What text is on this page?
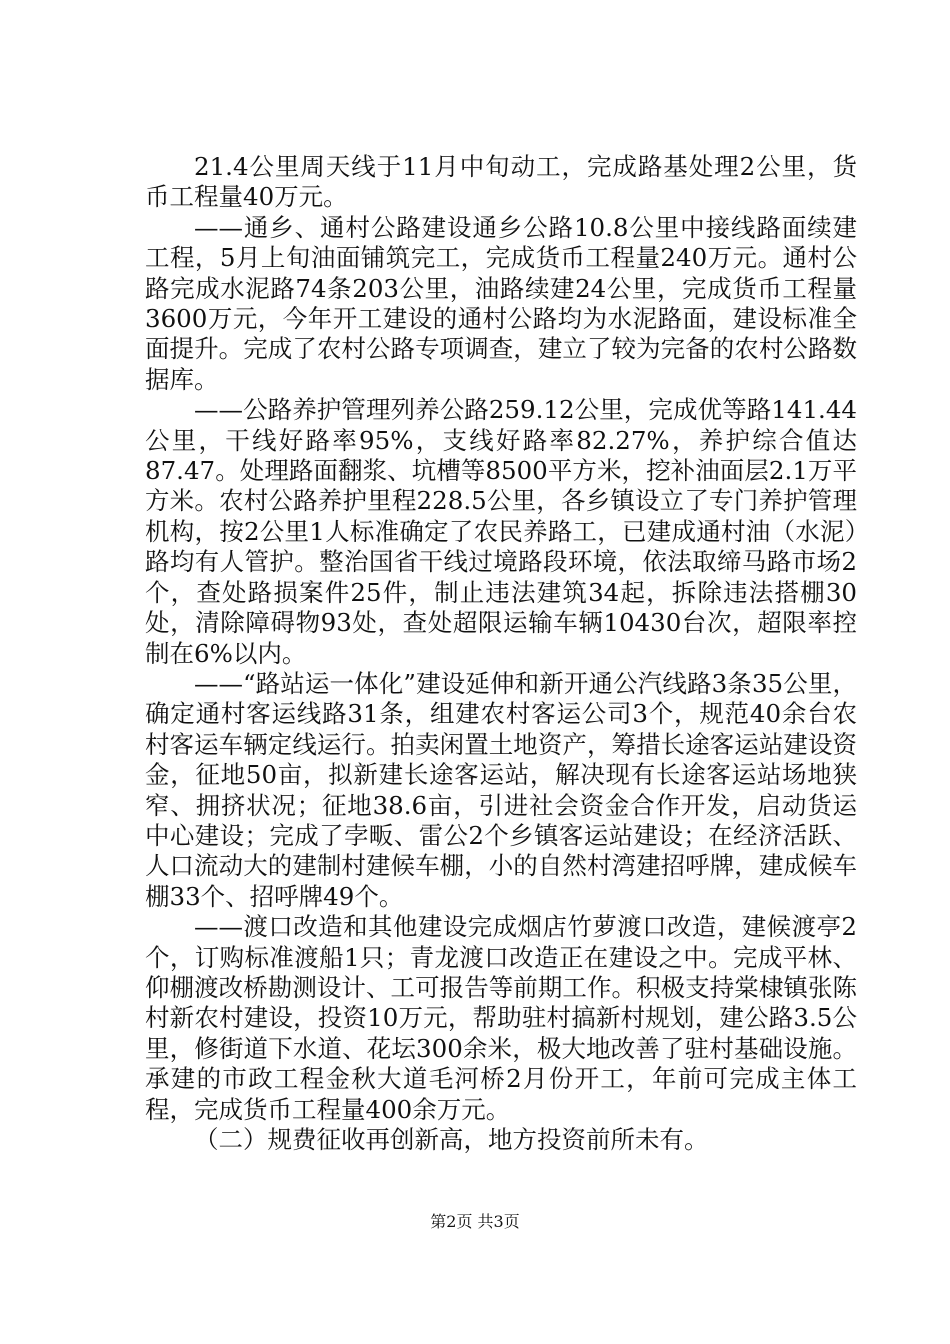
21.4公里周天线于11月中旬动工，完成路基处理2公里，货币工程量40万元。

——通乡、通村公路建设通乡公路10.8公里中接线路面续建工程，5月上旬油面铺筑完工，完成货币工程量240万元。通村公路完成水泥路74条203公里，油路续建24公里，完成货币工程量3600万元，今年开工建设的通村公路均为水泥路面，建设标准全面提升。完成了农村公路专项调查，建立了较为完备的农村公路数据库。

——公路养护管理列养公路259.12公里，完成优等路141.44公里，干线好路率95%，支线好路率82.27%，养护综合值达87.47。处理路面翻浆、坑槽等8500平方米，挖补油面层2.1万平方米。农村公路养护里程228.5公里，各乡镇设立了专门养护管理机构，按2公里1人标准确定了农民养路工，已建成通村油（水泥）路均有人管护。整治国省干线过境路段环境，依法取缔马路市场2个，查处路损案件25件，制止违法建筑34起，拆除违法搭棚30处，清除障碍物93处，查处超限运输车辆10430台次，超限率控制在6%以内。

——“路站运一体化”建设延伸和新开通公汽线路3条35公里，确定通村客运线路31条，组建农村客运公司3个，规范40余台农村客运车辆定线运行。拍卖闲置土地资产，筹措长途客运站建设资金，征地50亩，拟新建长途客运站，解决现有长途客运站场地狭窄、拥挤状况；征地38.6亩，引进社会资金合作开发，启动货运中心建设；完成了孛畈、雷公2个乡镇客运站建设；在经济活跃、人口流动大的建制村建候车棚，小的自然村湾建招呼牌，建成候车棚33个、招呼牌49个。

——渡口改造和其他建设完成烟店竹萝渡口改造，建候渡亭2个，订购标准渡船1只；青龙渡口改造正在建设之中。完成平林、仰棚渡改桥勘测设计、工可报告等前期工作。积极支持棠棣镇张陈村新农村建设，投资10万元，帮助驻村搞新村规划，建公路3.5公里，修街道下水道、花坛300余米，极大地改善了驻村基础设施。承建的市政工程金秋大道毛河桥2月份开工，年前可完成主体工程，完成货币工程量400余万元。

（二）规费征收再创新高，地方投资前所未有。

第2页 共3页
